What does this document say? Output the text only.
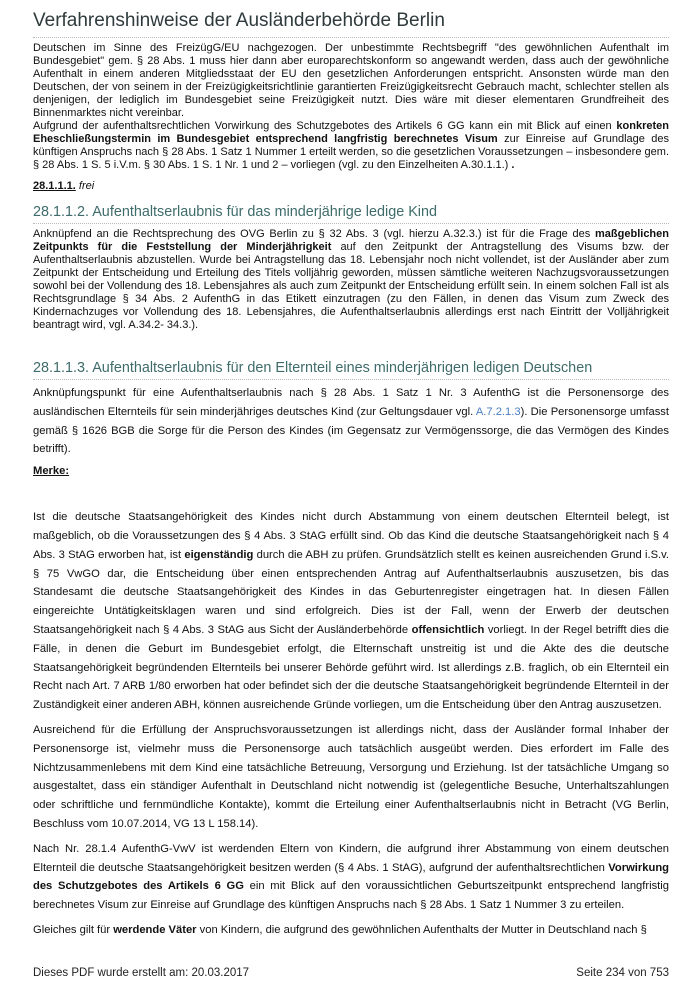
Verfahrenshinweise der Ausländerbehörde Berlin

Deutschen im Sinne des FreizügG/EU nachgezogen. Der unbestimmte Rechtsbegriff "des gewöhnlichen Aufenthalt im Bundesgebiet" gem. § 28 Abs. 1 muss hier dann aber europarechtskonform so angewandt werden, dass auch der gewöhnliche Aufenthalt in einem anderen Mitgliedsstaat der EU den gesetzlichen Anforderungen entspricht. Ansonsten würde man den Deutschen, der von seinem in der Freizügigkeitsrichtlinie garantierten Freizügigkeitsrecht Gebrauch macht, schlechter stellen als denjenigen, der lediglich im Bundesgebiet seine Freizügigkeit nutzt. Dies wäre mit dieser elementaren Grundfreiheit des Binnenmarktes nicht vereinbar.

Aufgrund der aufenthaltsrechtlichen Vorwirkung des Schutzgebotes des Artikels 6 GG kann ein mit Blick auf einen konkreten Eheschließungstermin im Bundesgebiet entsprechend langfristig berechnetes Visum zur Einreise auf Grundlage des künftigen Anspruchs nach § 28 Abs. 1 Satz 1 Nummer 1 erteilt werden, so die gesetzlichen Voraussetzungen – insbesondere gem. § 28 Abs. 1 S. 5 i.V.m. § 30 Abs. 1 S. 1 Nr. 1 und 2 – vorliegen (vgl. zu den Einzelheiten A.30.1.1.) .

28.1.1.1. frei

28.1.1.2. Aufenthaltserlaubnis für das minderjährige ledige Kind

Anknüpfend an die Rechtsprechung des OVG Berlin zu § 32 Abs. 3 (vgl. hierzu A.32.3.) ist für die Frage des maßgeblichen Zeitpunkts für die Feststellung der Minderjährigkeit auf den Zeitpunkt der Antragstellung des Visums bzw. der Aufenthaltserlaubnis abzustellen. Wurde bei Antragstellung das 18. Lebensjahr noch nicht vollendet, ist der Ausländer aber zum Zeitpunkt der Entscheidung und Erteilung des Titels volljährig geworden, müssen sämtliche weiteren Nachzugsvoraussetzungen sowohl bei der Vollendung des 18. Lebensjahres als auch zum Zeitpunkt der Entscheidung erfüllt sein. In einem solchen Fall ist als Rechtsgrundlage § 34 Abs. 2 AufenthG in das Etikett einzutragen (zu den Fällen, in denen das Visum zum Zweck des Kindernachzuges vor Vollendung des 18. Lebensjahres, die Aufenthaltserlaubnis allerdings erst nach Eintritt der Volljährigkeit beantragt wird, vgl. A.34.2- 34.3.).

28.1.1.3. Aufenthaltserlaubnis für den Elternteil eines minderjährigen ledigen Deutschen

Anknüpfungspunkt für eine Aufenthaltserlaubnis nach § 28 Abs. 1 Satz 1 Nr. 3 AufenthG ist die Personensorge des ausländischen Elternteils für sein minderjähriges deutsches Kind (zur Geltungsdauer vgl. A.7.2.1.3). Die Personensorge umfasst gemäß § 1626 BGB die Sorge für die Person des Kindes (im Gegensatz zur Vermögenssorge, die das Vermögen des Kindes betrifft).

Merke:

Ist die deutsche Staatsangehörigkeit des Kindes nicht durch Abstammung von einem deutschen Elternteil belegt, ist maßgeblich, ob die Voraussetzungen des § 4 Abs. 3 StAG erfüllt sind. Ob das Kind die deutsche Staatsangehörigkeit nach § 4 Abs. 3 StAG erworben hat, ist eigenständig durch die ABH zu prüfen. Grundsätzlich stellt es keinen ausreichenden Grund i.S.v. § 75 VwGO dar, die Entscheidung über einen entsprechenden Antrag auf Aufenthaltserlaubnis auszusetzen, bis das Standesamt die deutsche Staatsangehörigkeit des Kindes in das Geburtenregister eingetragen hat. In diesen Fällen eingereichte Untätigkeitsklagen waren und sind erfolgreich. Dies ist der Fall, wenn der Erwerb der deutschen Staatsangehörigkeit nach § 4 Abs. 3 StAG aus Sicht der Ausländerbehörde offensichtlich vorliegt. In der Regel betrifft dies die Fälle, in denen die Geburt im Bundesgebiet erfolgt, die Elternschaft unstreitig ist und die Akte des die deutsche Staatsangehörigkeit begründenden Elternteils bei unserer Behörde geführt wird. Ist allerdings z.B. fraglich, ob ein Elternteil ein Recht nach Art. 7 ARB 1/80 erworben hat oder befindet sich der die deutsche Staatsangehörigkeit begründende Elternteil in der Zuständigkeit einer anderen ABH, können ausreichende Gründe vorliegen, um die Entscheidung über den Antrag auszusetzen.

Ausreichend für die Erfüllung der Anspruchsvoraussetzungen ist allerdings nicht, dass der Ausländer formal Inhaber der Personensorge ist, vielmehr muss die Personensorge auch tatsächlich ausgeübt werden. Dies erfordert im Falle des Nichtzusammenlebens mit dem Kind eine tatsächliche Betreuung, Versorgung und Erziehung. Ist der tatsächliche Umgang so ausgestaltet, dass ein ständiger Aufenthalt in Deutschland nicht notwendig ist (gelegentliche Besuche, Unterhaltszahlungen oder schriftliche und fernmündliche Kontakte), kommt die Erteilung einer Aufenthaltserlaubnis nicht in Betracht (VG Berlin, Beschluss vom 10.07.2014, VG 13 L 158.14).

Nach Nr. 28.1.4 AufenthG-VwV ist werdenden Eltern von Kindern, die aufgrund ihrer Abstammung von einem deutschen Elternteil die deutsche Staatsangehörigkeit besitzen werden (§ 4 Abs. 1 StAG), aufgrund der aufenthaltsrechtlichen Vorwirkung des Schutzgebotes des Artikels 6 GG ein mit Blick auf den voraussichtlichen Geburtszeitpunkt entsprechend langfristig berechnetes Visum zur Einreise auf Grundlage des künftigen Anspruchs nach § 28 Abs. 1 Satz 1 Nummer 3 zu erteilen.

Gleiches gilt für werdende Väter von Kindern, die aufgrund des gewöhnlichen Aufenthalts der Mutter in Deutschland nach §

Dieses PDF wurde erstellt am: 20.03.2017	Seite 234 von 753
